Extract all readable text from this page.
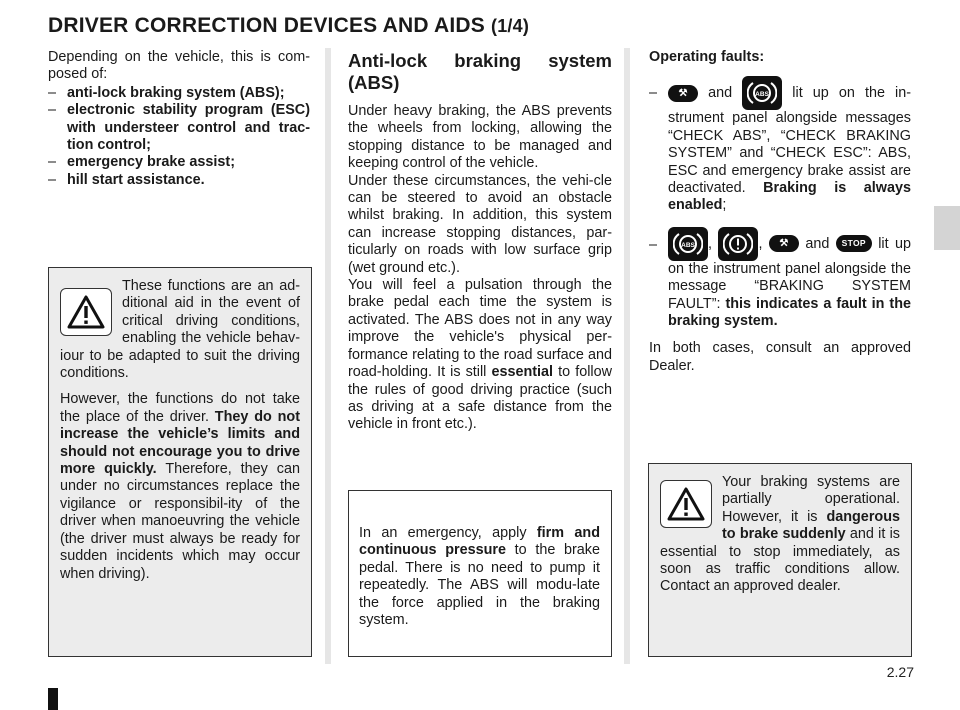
DRIVER CORRECTION DEVICES AND AIDS (1/4)

Depending on the vehicle, this is com-posed of:

– anti-lock braking system (ABS);
– electronic stability program (ESC) with understeer control and trac-tion control;
– emergency brake assist;
– hill start assistance.

These functions are an ad-ditional aid in the event of critical driving conditions, enabling the vehicle behav-iour to be adapted to suit the driving conditions.

However, the functions do not take the place of the driver. They do not increase the vehicle’s limits and should not encourage you to drive more quickly. Therefore, they can under no circumstances replace the vigilance or responsibil-ity of the driver when manoeuvring the vehicle (the driver must always be ready for sudden incidents which may occur when driving).

Anti-lock braking system (ABS)

Under heavy braking, the ABS prevents the wheels from locking, allowing the stopping distance to be managed and keeping control of the vehicle.

Under these circumstances, the vehi-cle can be steered to avoid an obstacle whilst braking. In addition, this system can increase stopping distances, par-ticularly on roads with low surface grip (wet ground etc.).

You will feel a pulsation through the brake pedal each time the system is activated. The ABS does not in any way improve the vehicle's physical per-formance relating to the road surface and road-holding. It is still essential to follow the rules of good driving practice (such as driving at a safe distance from the vehicle in front etc.).

In an emergency, apply firm and continuous pressure to the brake pedal. There is no need to pump it repeatedly. The ABS will modu-late the force applied in the braking system.

Operating faults:

–	⚒ and	ABS lit up on the in-strument panel alongside messages “CHECK ABS”, “CHECK BRAKING SYSTEM” and “CHECK ESC”: ABS, ESC and emergency brake assist are deactivated. Braking is always enabled;
–	ABS ,	, ⚒ and STOP lit up on the instrument panel alongside the message “BRAKING SYSTEM FAULT”: this indicates a fault in the braking system.

In both cases, consult an approved Dealer.

Your braking systems are partially operational. However, it is dangerous to brake suddenly and it is essential to stop immediately, as soon as traffic conditions allow. Contact an approved dealer.

2.27
